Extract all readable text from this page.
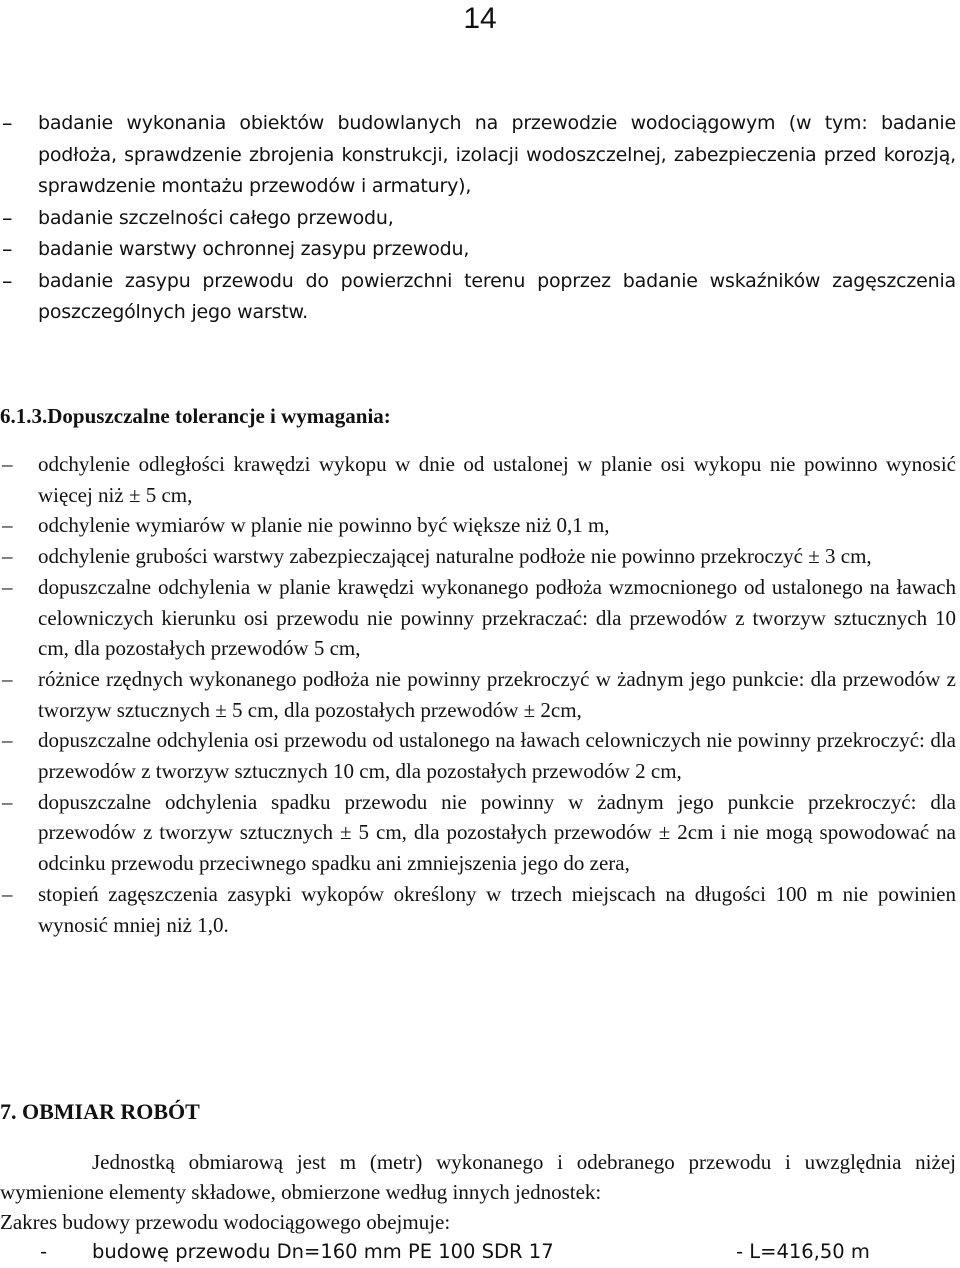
14
– badanie wykonania obiektów budowlanych na przewodzie wodociągowym (w tym: badanie podłoża, sprawdzenie zbrojenia konstrukcji, izolacji wodoszczelnej, zabezpieczenia przed korozją, sprawdzenie montażu przewodów i armatury),
– badanie szczelności całego przewodu,
– badanie warstwy ochronnej zasypu przewodu,
– badanie zasypu przewodu do powierzchni terenu poprzez badanie wskaźników zagęszczenia poszczególnych jego warstw.
6.1.3.Dopuszczalne tolerancje i wymagania:
– odchylenie odległości krawędzi wykopu w dnie od ustalonej w planie osi wykopu nie powinno wynosić więcej niż ± 5 cm,
– odchylenie wymiarów w planie nie powinno być większe niż 0,1 m,
– odchylenie grubości warstwy zabezpieczającej naturalne podłoże nie powinno przekroczyć ± 3 cm,
– dopuszczalne odchylenia w planie krawędzi wykonanego podłoża wzmocnionego od ustalonego na ławach celowniczych kierunku osi przewodu nie powinny przekraczać: dla przewodów z tworzyw sztucznych 10 cm, dla pozostałych przewodów 5 cm,
– różnice rzędnych wykonanego podłoża nie powinny przekroczyć w żadnym jego punkcie: dla przewodów z tworzyw sztucznych ± 5 cm, dla pozostałych przewodów ± 2cm,
– dopuszczalne odchylenia osi przewodu od ustalonego na ławach celowniczych nie powinny przekroczyć: dla przewodów z tworzyw sztucznych 10 cm, dla pozostałych przewodów 2 cm,
– dopuszczalne odchylenia spadku przewodu nie powinny w żadnym jego punkcie przekroczyć: dla przewodów z tworzyw sztucznych ± 5 cm, dla pozostałych przewodów ± 2cm i nie mogą spowodować na odcinku przewodu przeciwnego spadku ani zmniejszenia jego do zera,
– stopień zagęszczenia zasypki wykopów określony w trzech miejscach na długości 100 m nie powinien wynosić mniej niż 1,0.
7. OBMIAR ROBÓT
Jednostką obmiarową jest m (metr) wykonanego i odebranego przewodu i uwzględnia niżej wymienione elementy składowe, obmierzone według innych jednostek:
Zakres budowy przewodu wodociągowego obejmuje:
- budowę przewodu Dn=160 mm PE 100 SDR 17	- L=416,50 m
